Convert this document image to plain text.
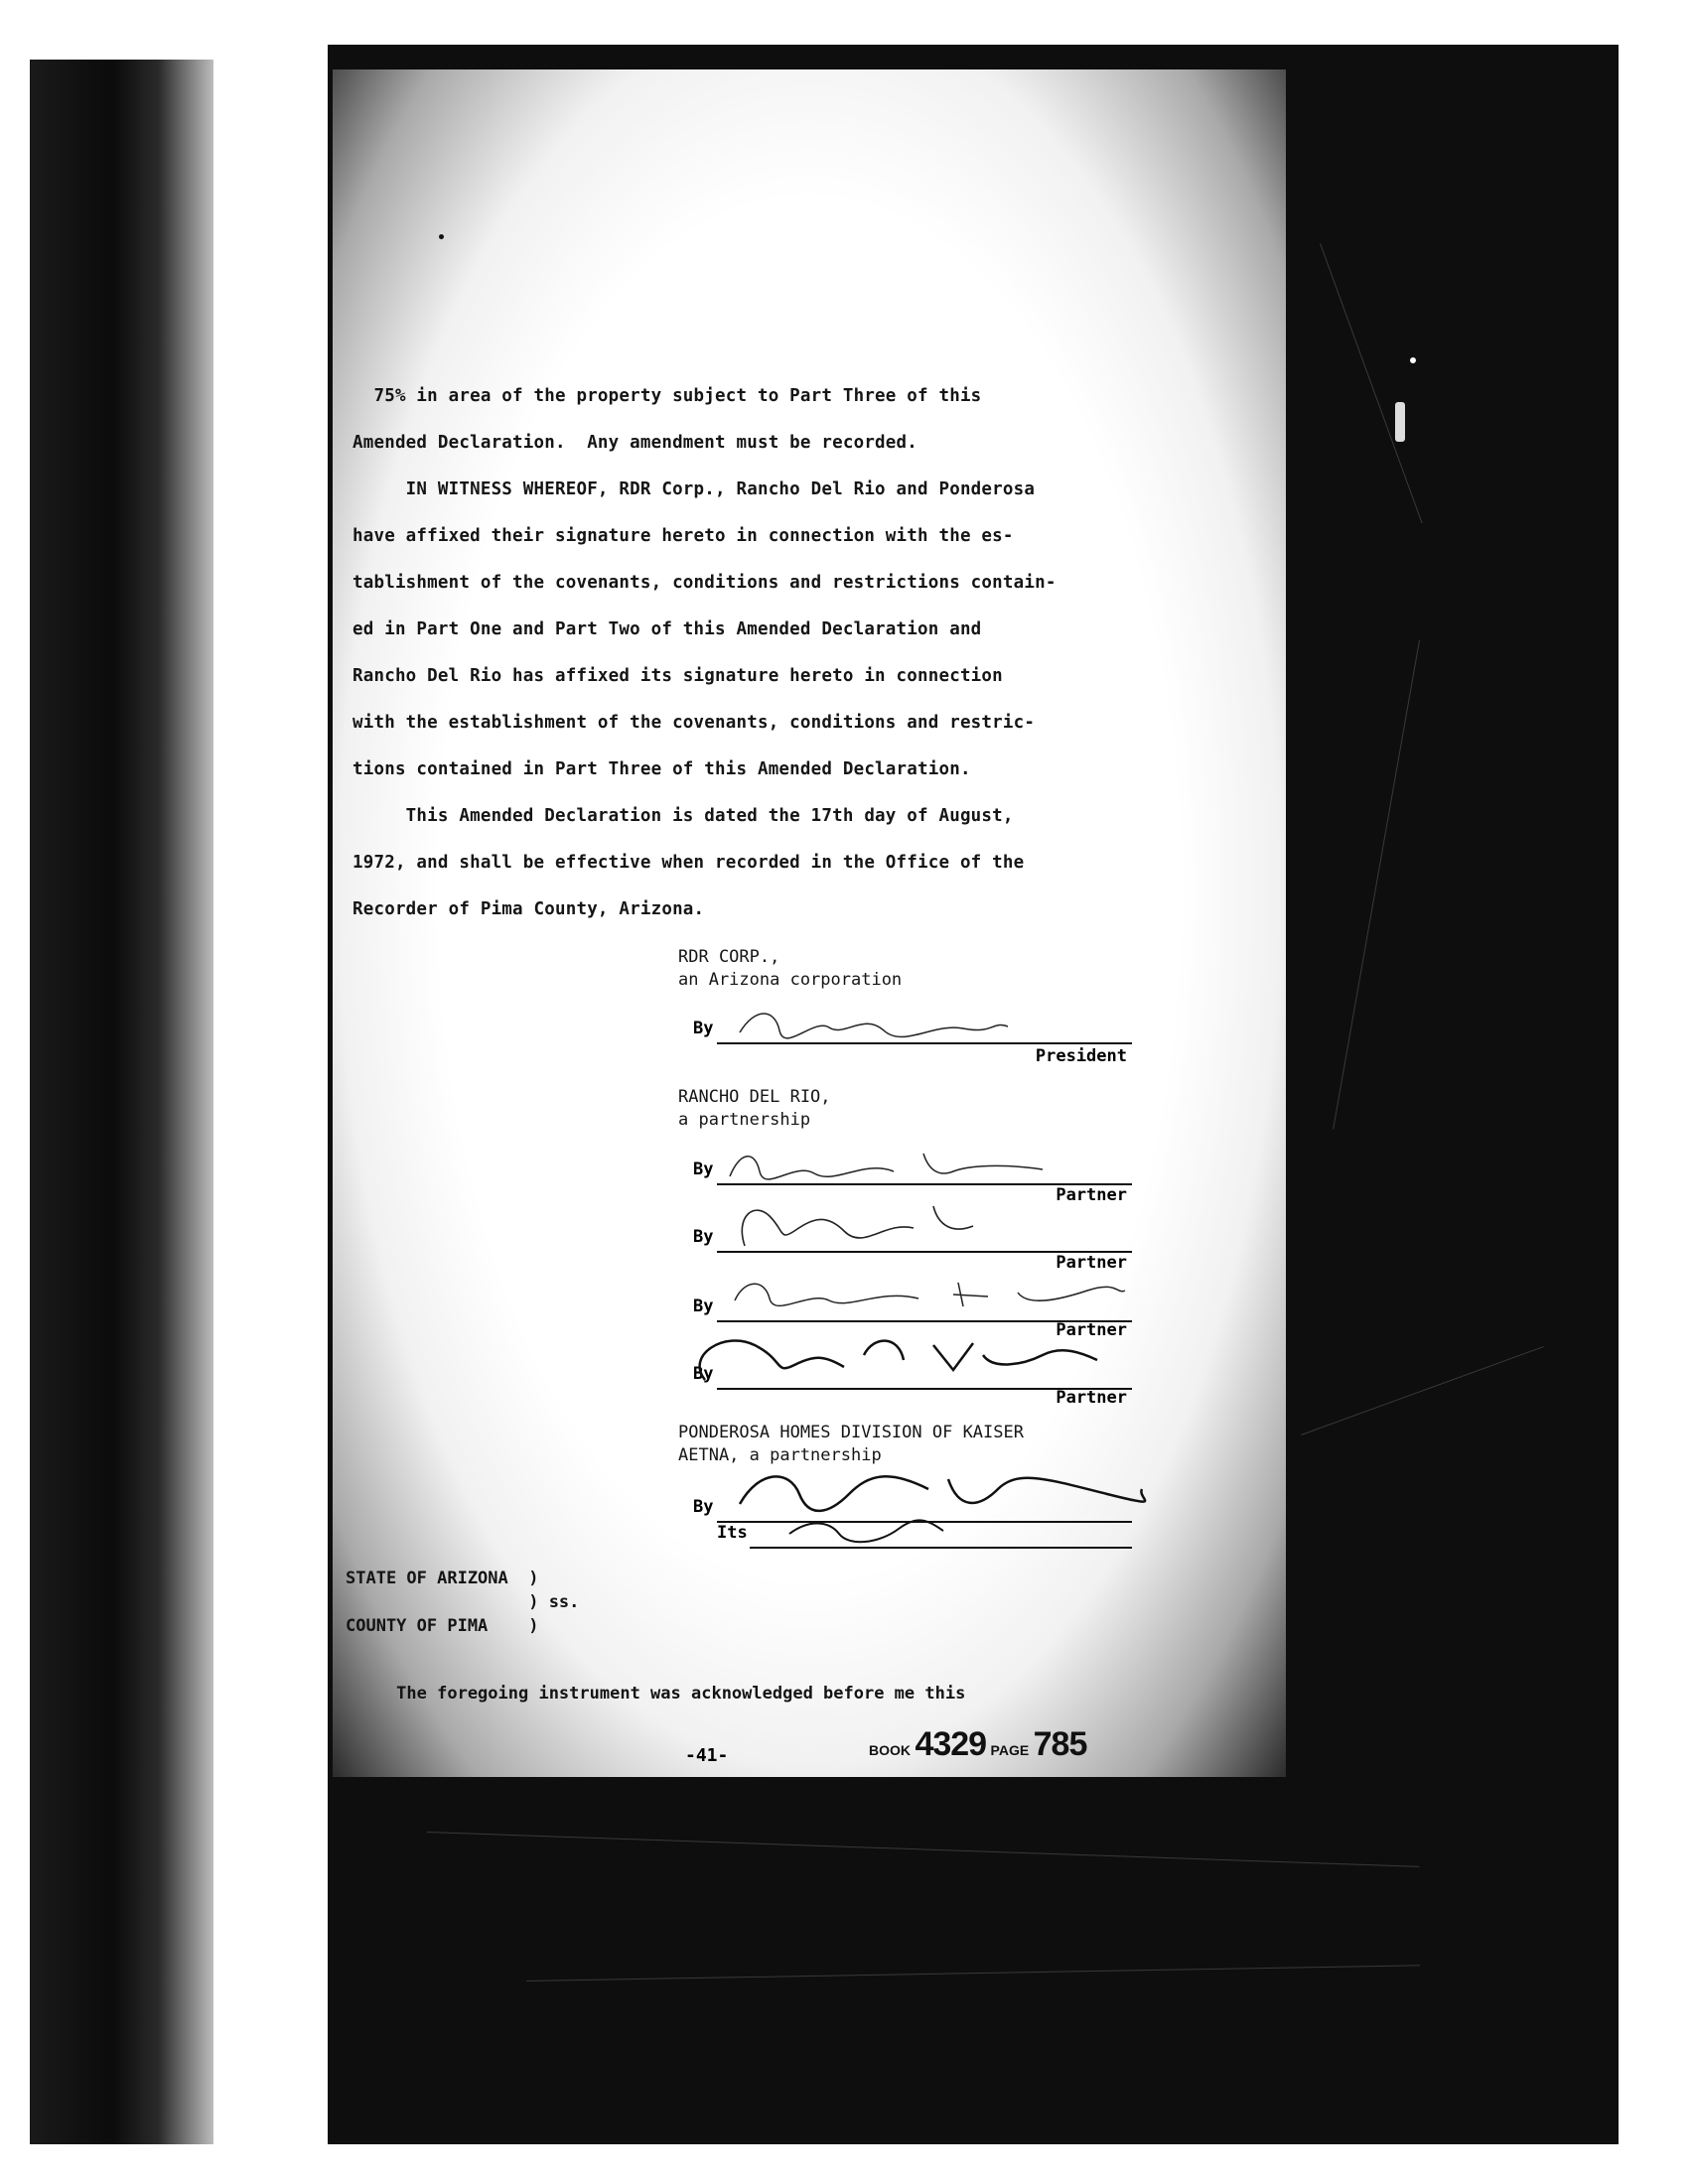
75% in area of the property subject to Part Three of this
Amended Declaration.  Any amendment must be recorded.
IN WITNESS WHEREOF, RDR Corp., Rancho Del Rio and Ponderosa
have affixed their signature hereto in connection with the es-
tablishment of the covenants, conditions and restrictions contain-
ed in Part One and Part Two of this Amended Declaration and
Rancho Del Rio has affixed its signature hereto in connection
with the establishment of the covenants, conditions and restric-
tions contained in Part Three of this Amended Declaration.
This Amended Declaration is dated the 17th day of August,
1972, and shall be effective when recorded in the Office of the
Recorder of Pima County, Arizona.
RDR CORP.,
an Arizona corporation
By
President
RANCHO DEL RIO,
a partnership
By
Partner
By
Partner
By
Partner
By
Partner
PONDEROSA HOMES DIVISION OF KAISER
AETNA, a partnership
By
Its
STATE OF ARIZONA  )
) ss.
COUNTY OF PIMA    )
The foregoing instrument was acknowledged before me this
-41-	BOOK 4329 PAGE 785
